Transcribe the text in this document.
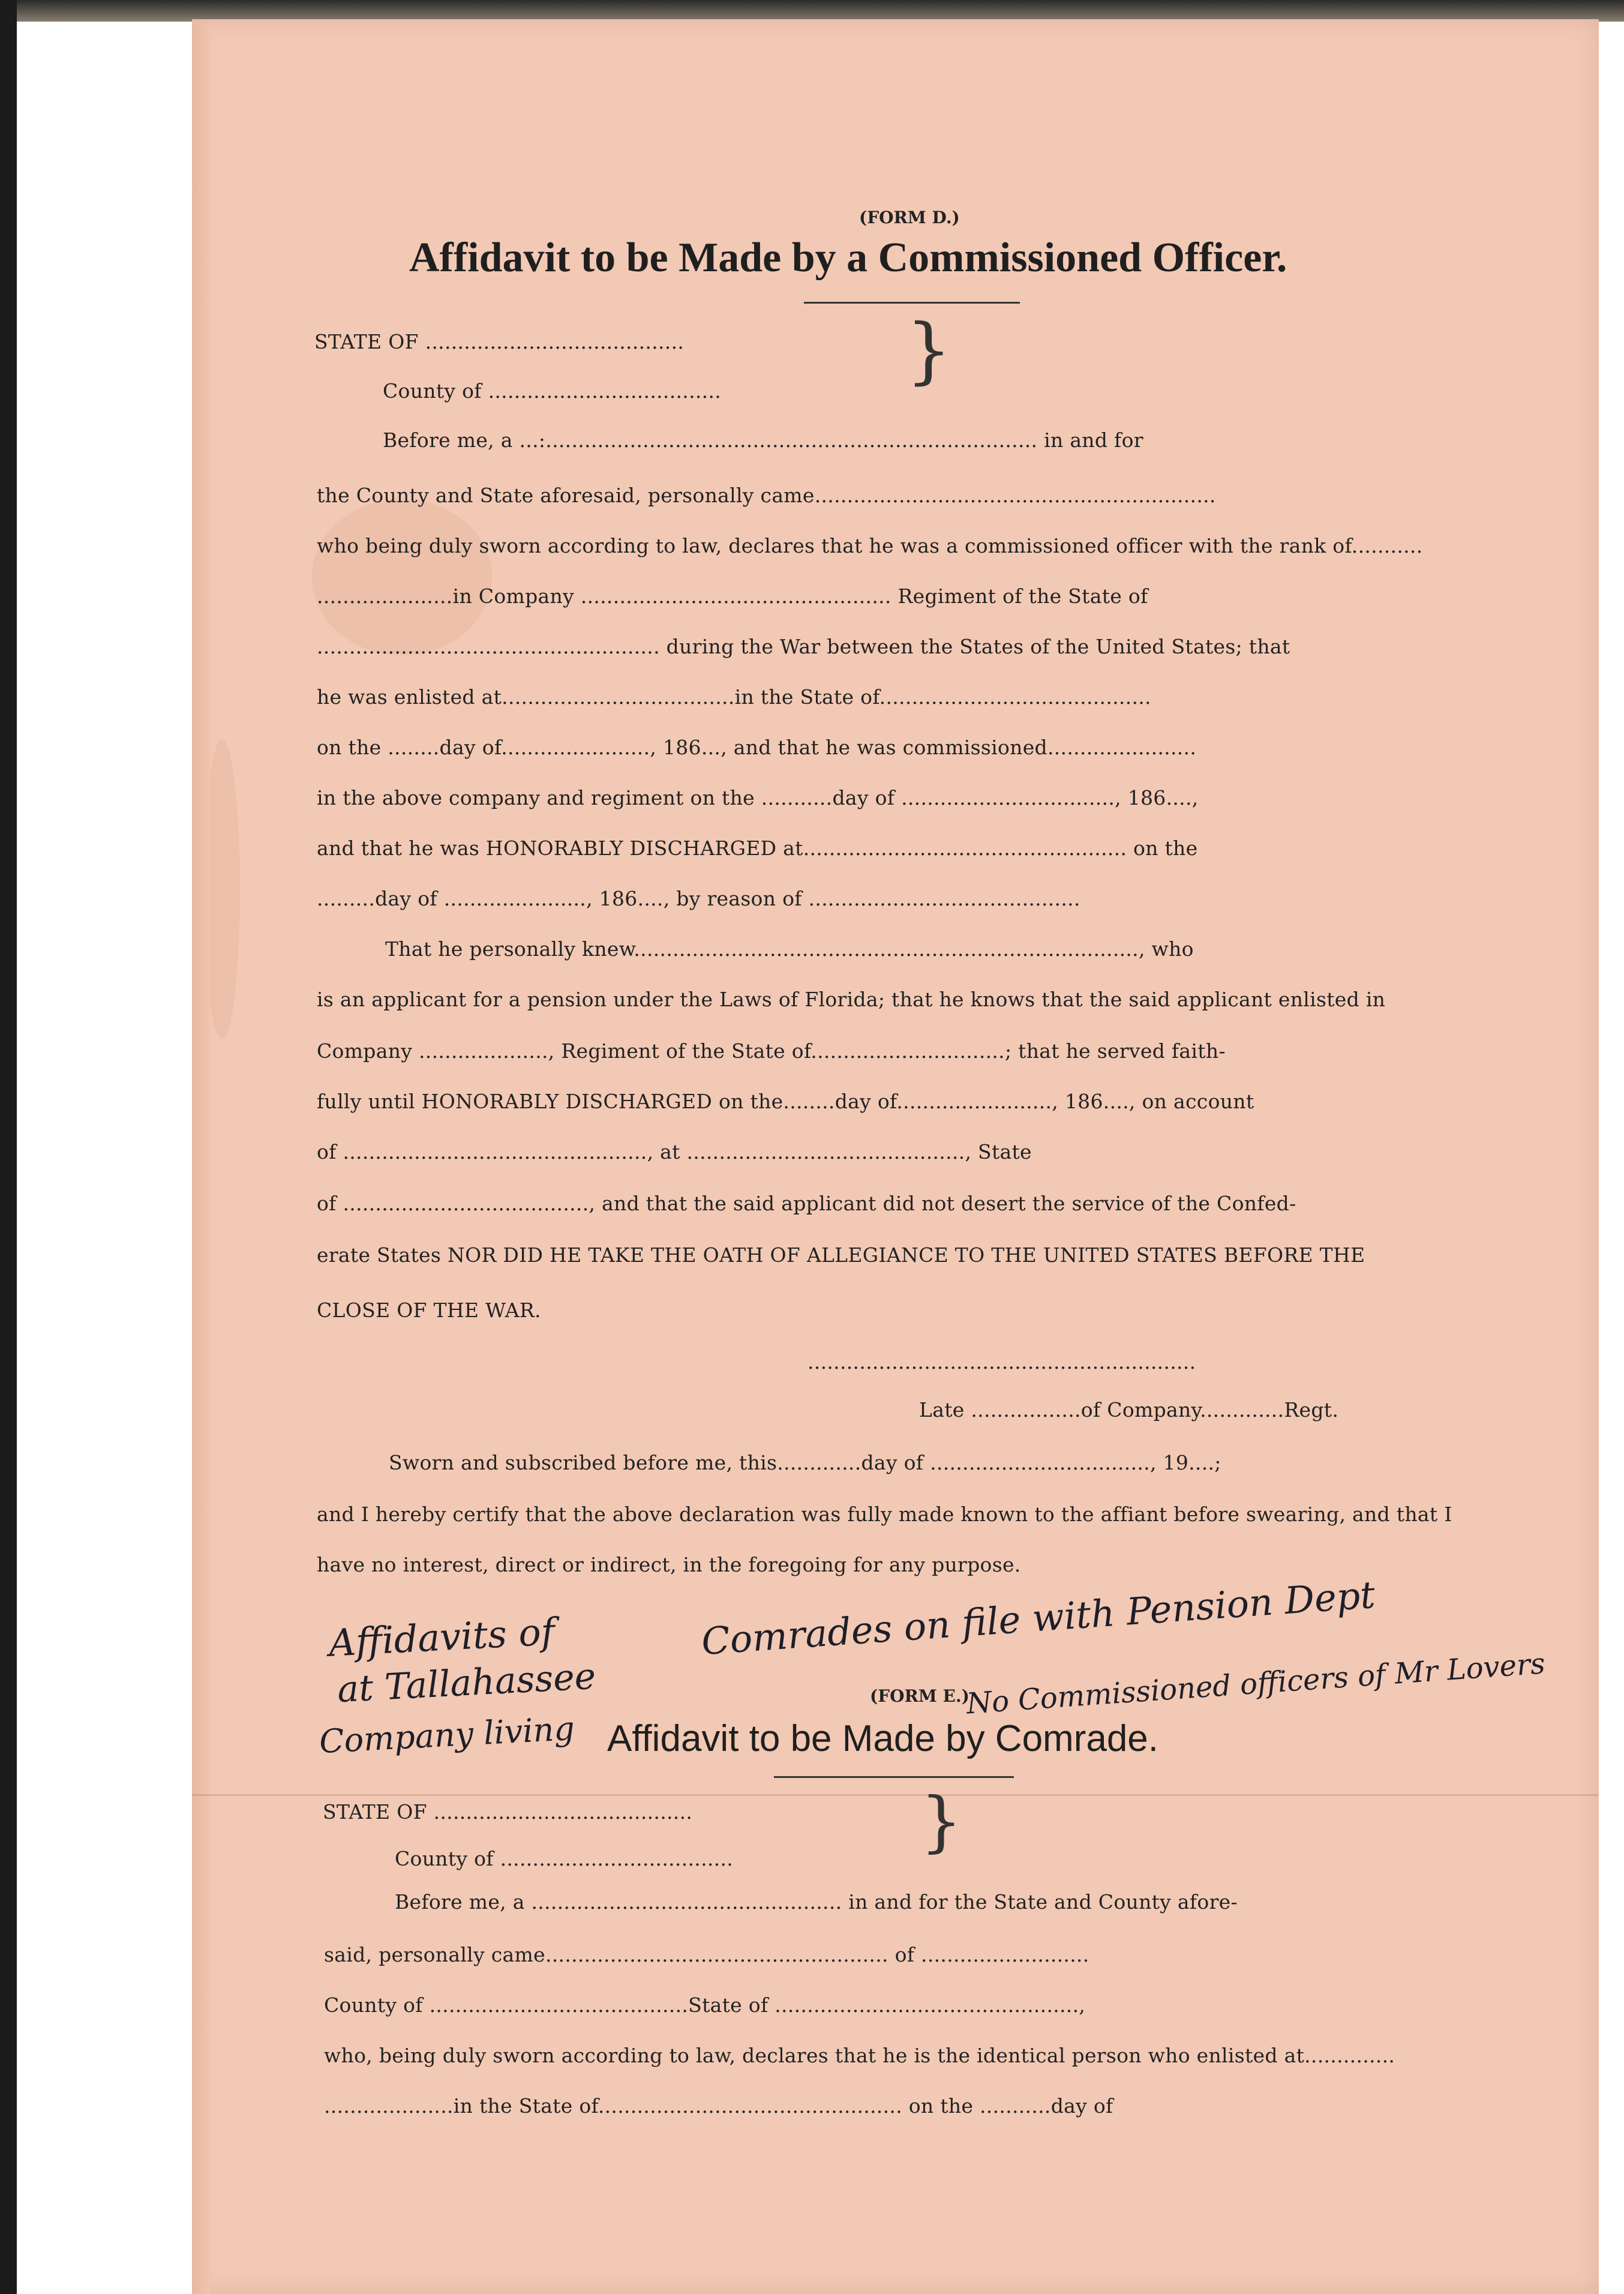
(FORM D.)
Affidavit to be Made by a Commissioned Officer.
STATE OF ........................................
County of ....................................	}
Before me, a ...:............................................................................ in and for
the County and State aforesaid, personally came..............................................................
who being duly sworn according to law, declares that he was a commissioned officer with the rank of...........
.....................in Company ................................................ Regiment of the State of
..................................................... during the War between the States of the United States; that
he was enlisted at....................................in the State of..........................................
on the ........day of......................., 186..., and that he was commissioned.......................
in the above company and regiment on the ...........day of ................................., 186....,
and that he was HONORABLY DISCHARGED at.................................................. on the
.........day of ......................, 186...., by reason of ..........................................
That he personally knew.............................................................................., who
is an applicant for a pension under the Laws of Florida; that he knows that the said applicant enlisted in
Company ...................., Regiment of the State of..............................; that he served faith-
fully until HONORABLY DISCHARGED on the........day of........................, 186...., on account
of ..............................................., at ..........................................., State
of ......................................, and that the said applicant did not desert the service of the Confed-
erate States NOR DID HE TAKE THE OATH OF ALLEGIANCE TO THE UNITED STATES BEFORE THE
CLOSE OF THE WAR.
............................................................
Late .................of Company.............Regt.
Sworn and subscribed before me, this.............day of .................................., 19....;
and I hereby certify that the above declaration was fully made known to the affiant before swearing, and that I
have no interest, direct or indirect, in the foregoing for any purpose.
Affidavits of	Comrades on file with Pension Dept
at Tallahassee	No Commissioned officers of Mr Lovers
Company living
(FORM E.)
Affidavit to be Made by Comrade.
STATE OF ........................................
County of ....................................	}
Before me, a ................................................ in and for the State and County afore-
said, personally came..................................................... of ..........................
County of ........................................State of ...............................................,
who, being duly sworn according to law, declares that he is the identical person who enlisted at..............
....................in the State of............................................... on the ...........day of
